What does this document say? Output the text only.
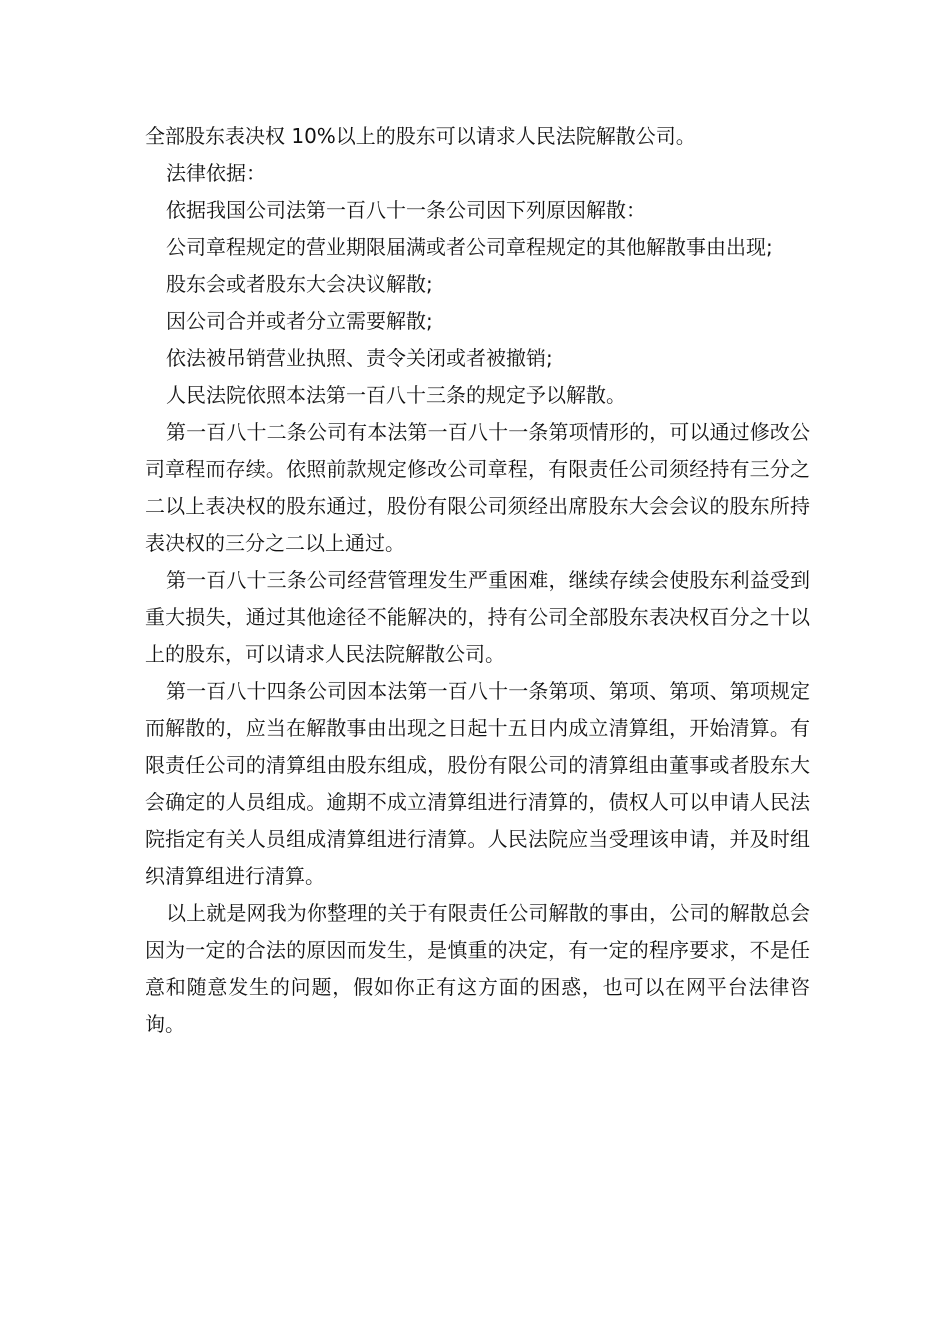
全部股东表决权 10%以上的股东可以请求人民法院解散公司。

法律依据：

依据我国公司法第一百八十一条公司因下列原因解散：

公司章程规定的营业期限届满或者公司章程规定的其他解散事由出现;

股东会或者股东大会决议解散;

因公司合并或者分立需要解散;

依法被吊销营业执照、责令关闭或者被撤销;

人民法院依照本法第一百八十三条的规定予以解散。

第一百八十二条公司有本法第一百八十一条第项情形的，可以通过修改公司章程而存续。依照前款规定修改公司章程，有限责任公司须经持有三分之二以上表决权的股东通过，股份有限公司须经出席股东大会会议的股东所持表决权的三分之二以上通过。

第一百八十三条公司经营管理发生严重困难，继续存续会使股东利益受到重大损失，通过其他途径不能解决的，持有公司全部股东表决权百分之十以上的股东，可以请求人民法院解散公司。

第一百八十四条公司因本法第一百八十一条第项、第项、第项、第项规定而解散的，应当在解散事由出现之日起十五日内成立清算组，开始清算。有限责任公司的清算组由股东组成，股份有限公司的清算组由董事或者股东大会确定的人员组成。逾期不成立清算组进行清算的，债权人可以申请人民法院指定有关人员组成清算组进行清算。人民法院应当受理该申请，并及时组织清算组进行清算。

以上就是网我为你整理的关于有限责任公司解散的事由，公司的解散总会因为一定的合法的原因而发生，是慎重的决定，有一定的程序要求，不是任意和随意发生的问题，假如你正有这方面的困惑，也可以在网平台法律咨询。
